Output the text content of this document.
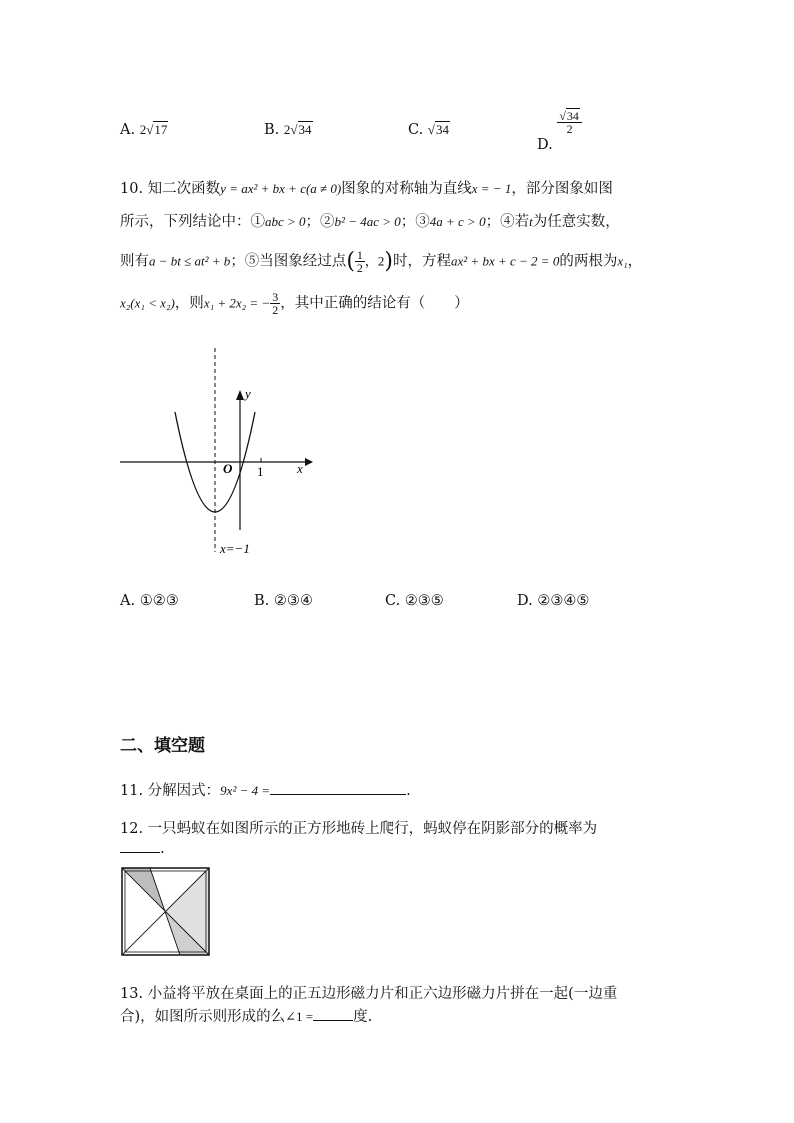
A. 2√17	B. 2√34	C. √34
D.
$\frac{√34}{2}$
10. 知二次函数y = ax² + bx + c(a ≠ 0)图象的对称轴为直线x = − 1，部分图象如图
所示，下列结论中：①abc > 0；②b² − 4ac > 0；③4a + c > 0；④若t为任意实数，
则有a − bt ≤ at² + b；⑤当图象经过点( $\frac{1}{2}$ ，2)时，方程ax² + bx + c − 2 = 0的两根为x₁，
x₂(x₁ < x₂)，则x₁ + 2x₂ = − $\frac{3}{2}$ ，其中正确的结论有（　　）
y
x
O 1
x=−1
A. ①②③	B. ②③④	C. ②③⑤	D. ②③④⑤
二、填空题
11. 分解因式：9x² − 4 =	.
12. 一只蚂蚁在如图所示的正方形地砖上爬行，蚂蚁停在阴影部分的概率为
.
13. 小益将平放在桌面上的正五边形磁力片和正六边形磁力片拼在一起(一边重
合)，如图所示则形成的么∠1 =	度.
